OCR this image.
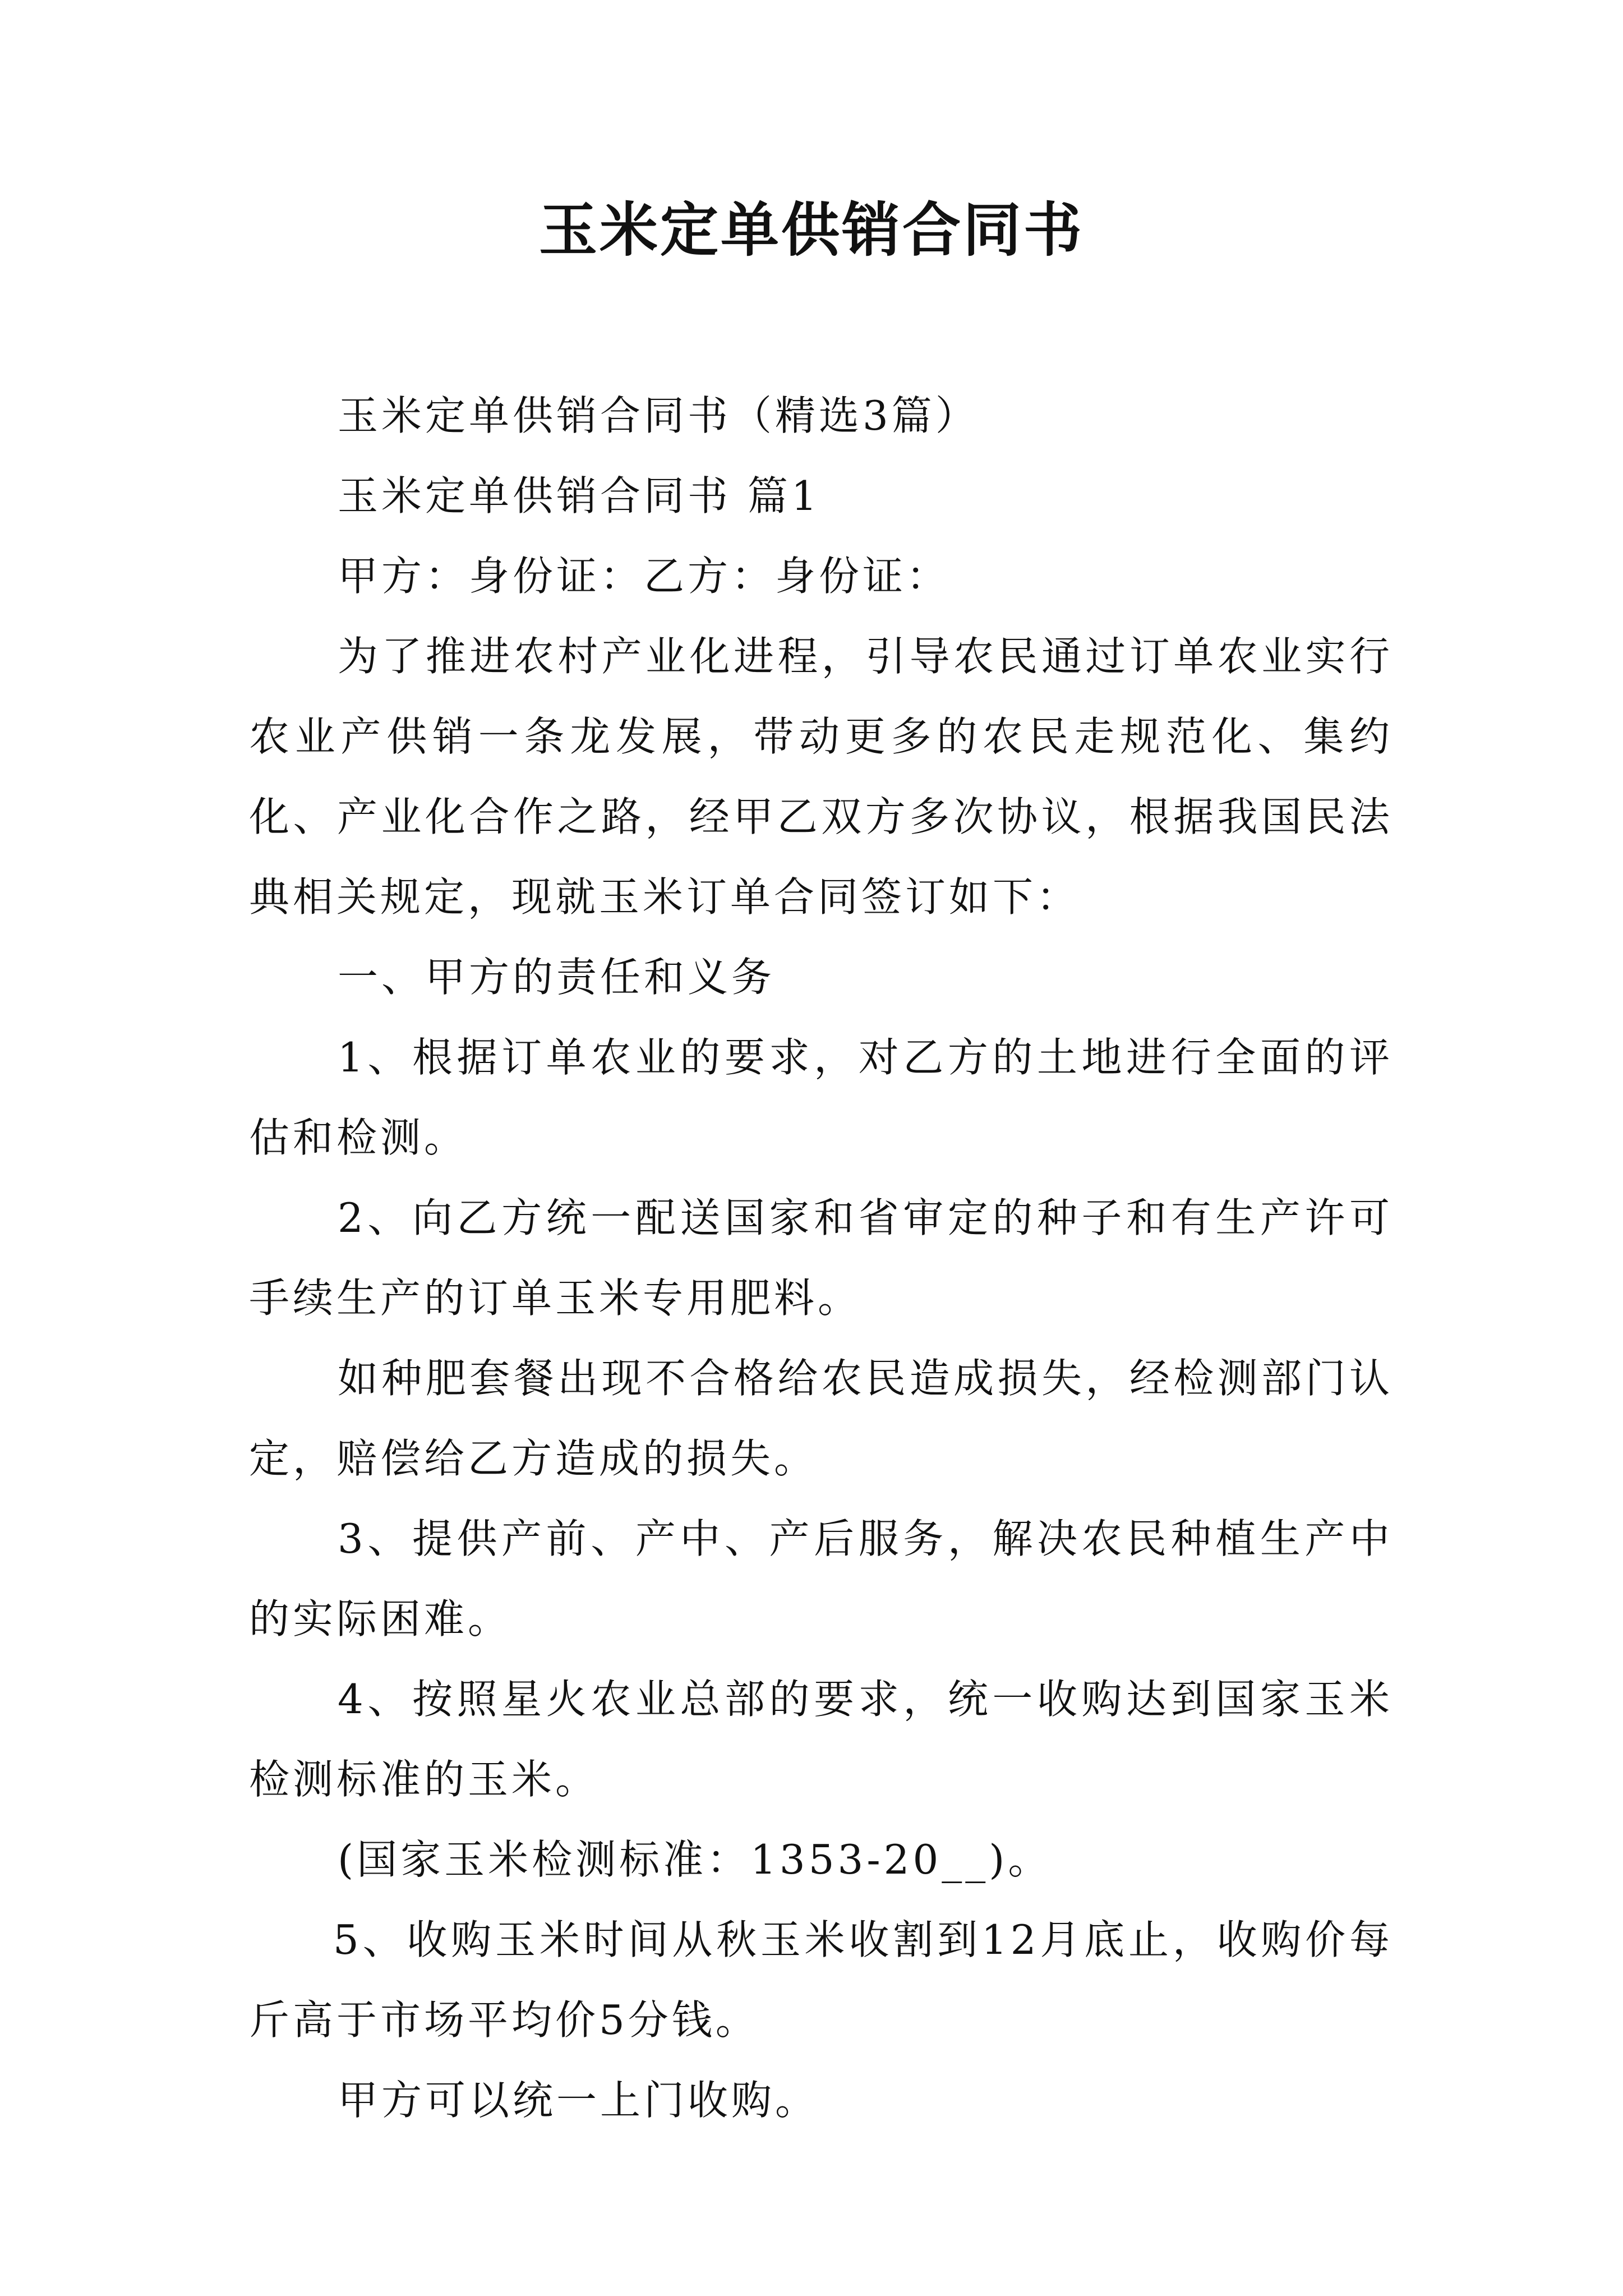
玉米定单供销合同书

玉米定单供销合同书（精选3篇）

玉米定单供销合同书 篇1

甲方：身份证：乙方：身份证：

为了推进农村产业化进程，引导农民通过订单农业实行农业产供销一条龙发展，带动更多的农民走规范化、集约化、产业化合作之路，经甲乙双方多次协议，根据我国民法典相关规定，现就玉米订单合同签订如下：

一、甲方的责任和义务

1、根据订单农业的要求，对乙方的土地进行全面的评估和检测。

2、向乙方统一配送国家和省审定的种子和有生产许可手续生产的订单玉米专用肥料。

如种肥套餐出现不合格给农民造成损失，经检测部门认定，赔偿给乙方造成的损失。

3、提供产前、产中、产后服务，解决农民种植生产中的实际困难。

4、按照星火农业总部的要求，统一收购达到国家玉米检测标准的玉米。

(国家玉米检测标准：1353-20__)。

5、收购玉米时间从秋玉米收割到12月底止，收购价每斤高于市场平均价5分钱。

甲方可以统一上门收购。
